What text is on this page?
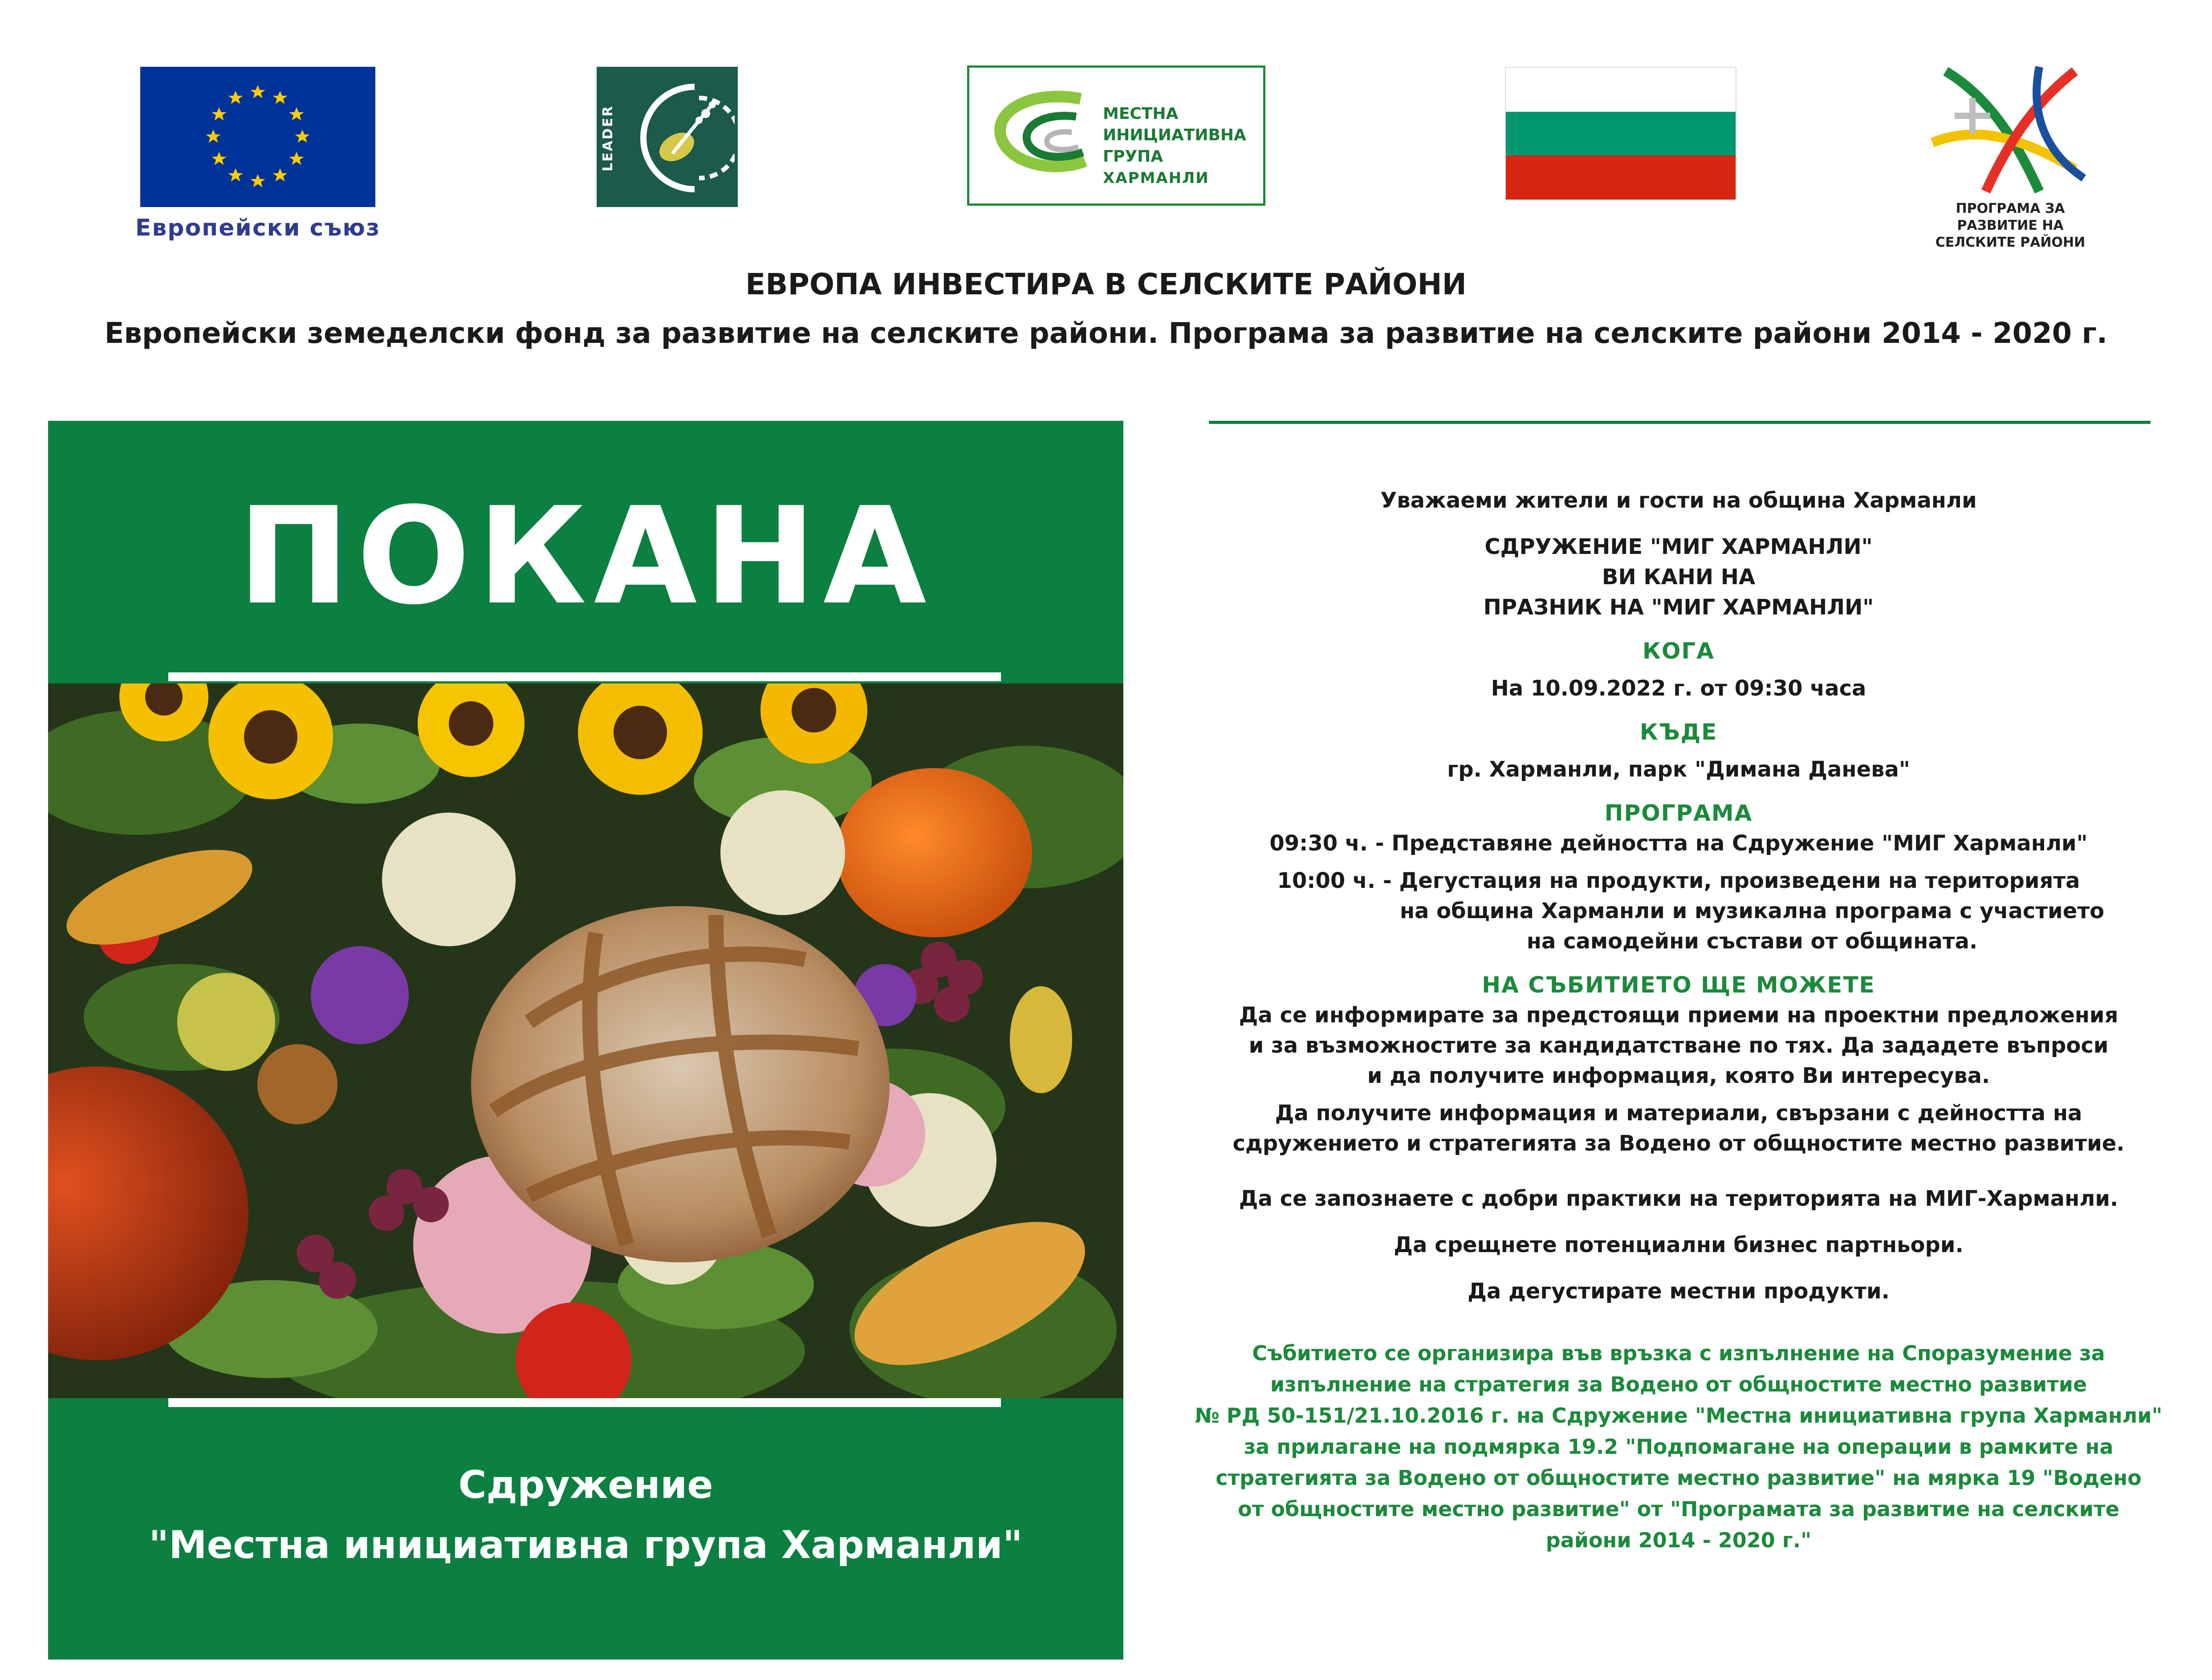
Европейски съюз
LEADER	МЕСТНА
ИНИЦИАТИВНА
ГРУПА
ХАРМАНЛИ
ПРОГРАМА ЗА
РАЗВИТИЕ НА
СЕЛСКИТЕ РАЙОНИ
ЕВРОПА ИНВЕСТИРА В СЕЛСКИТЕ РАЙОНИ
Европейски земеделски фонд за развитие на селските райони. Програма за развитие на селските райони 2014 - 2020 г.
ПОКАНА
Сдружение
"Местна инициативна група Харманли"

Уважаеми жители и гости на община Харманли

СДРУЖЕНИЕ "МИГ ХАРМАНЛИ"

ВИ КАНИ НА

ПРАЗНИК НА "МИГ ХАРМАНЛИ"

КОГА

На 10.09.2022 г. от 09:30 часа

КЪДЕ

гр. Харманли, парк "Димана Данева"

ПРОГРАМА

09:30 ч. - Представяне дейността на Сдружение "МИГ Харманли"

10:00 ч. - Дегустация на продукти, произведени на територията

на община Харманли и музикална програма с участието

на самодейни състави от общината.

НА СЪБИТИЕТО ЩЕ МОЖЕТЕ

Да се информирате за предстоящи приеми на проектни предложения

и за възможностите за кандидатстване по тях. Да зададете въпроси

и да получите информация, която Ви интересува.

Да получите информация и материали, свързани с дейността на

сдружението и стратегията за Водено от общностите местно развитие.

Да се запознаете с добри практики на територията на МИГ-Харманли.

Да срещнете потенциални бизнес партньори.

Да дегустирате местни продукти.

Събитието се организира във връзка с изпълнение на Споразумение за

изпълнение на стратегия за Водено от общностите местно развитие

№ РД 50-151/21.10.2016 г. на Сдружение "Местна инициативна група Харманли"

за прилагане на подмярка 19.2 "Подпомагане на операции в рамките на

стратегията за Водено от общностите местно развитие" на мярка 19 "Водено

от общностите местно развитие" от "Програмата за развитие на селските

райони 2014 - 2020 г."
